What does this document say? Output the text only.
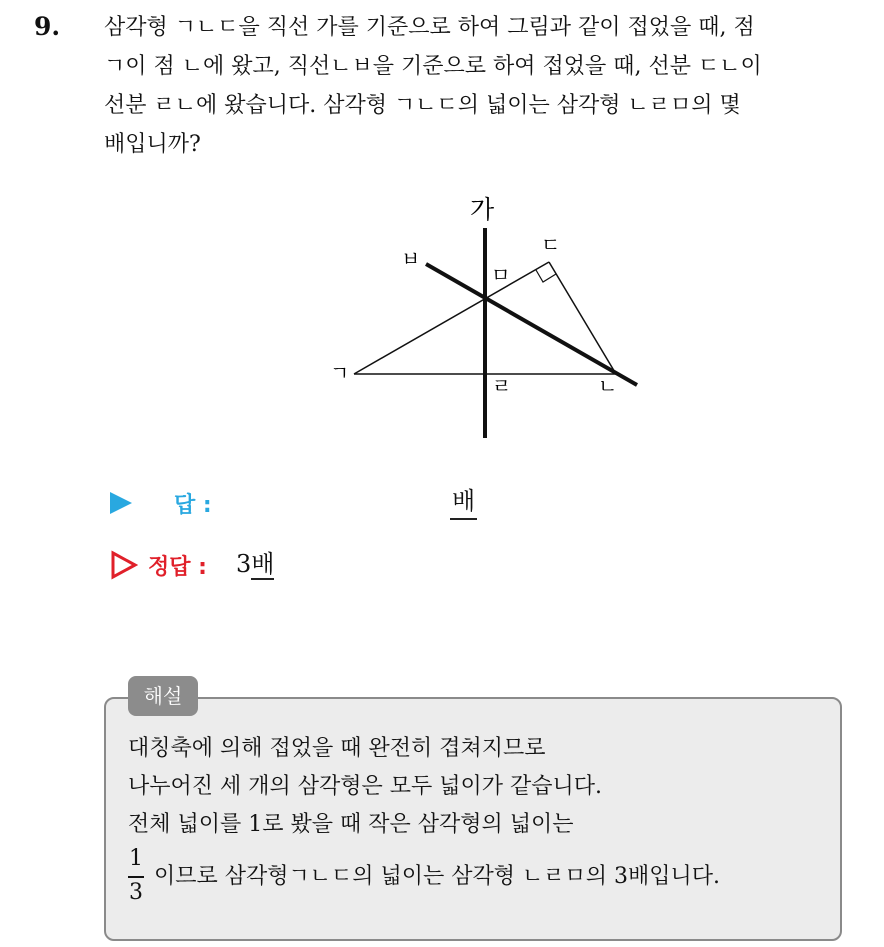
9. 삼각형 ㄱㄴㄷ을 직선 가를 기준으로 하여 그림과 같이 접었을 때, 점
ㄱ이 점 ㄴ에 왔고, 직선ㄴㅂ을 기준으로 하여 접었을 때, 선분 ㄷㄴ이
선분 ㄹㄴ에 왔습니다. 삼각형 ㄱㄴㄷ의 넓이는 삼각형 ㄴㄹㅁ의 몇
배입니까?
가
ㅂ
ㅁ
ㄷ
ㄱ
ㄹ	ㄴ
답 :	배
정답 : 3배
해설
대칭축에 의해 접었을 때 완전히 겹쳐지므로
나누어진 세 개의 삼각형은 모두 넓이가 같습니다.
전체 넓이를 1로 봤을 때 작은 삼각형의 넓이는
1
3
이므로 삼각형ㄱㄴㄷ의 넓이는 삼각형 ㄴㄹㅁ의 3배입니다.
